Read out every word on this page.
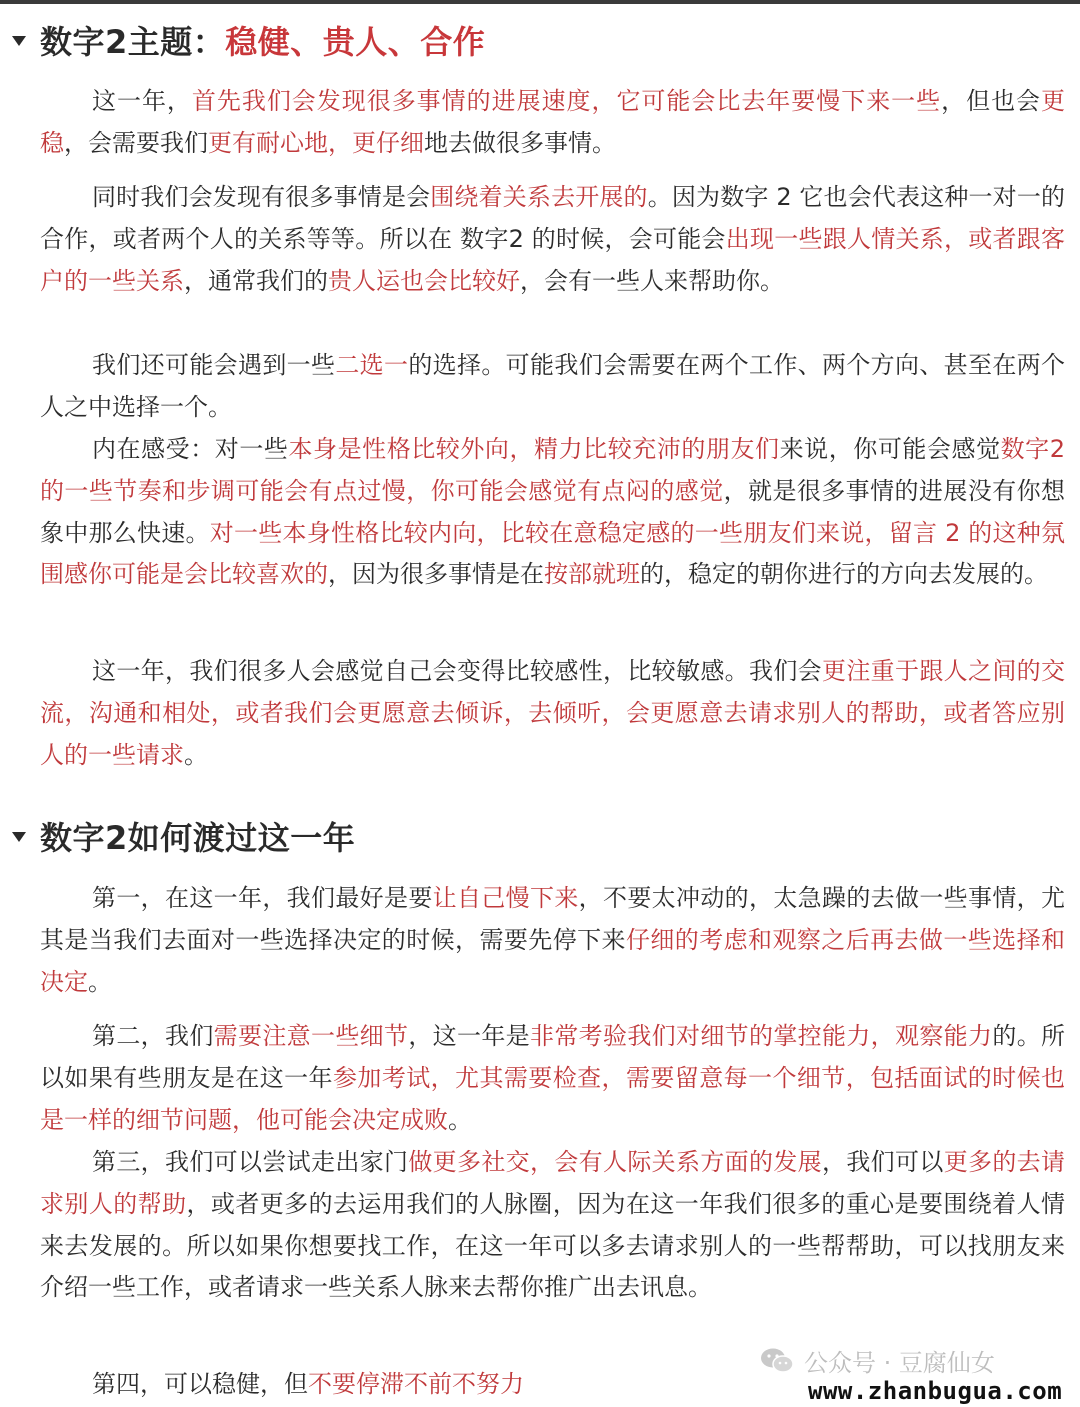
数字2主题：稳健、贵人、合作

这一年，首先我们会发现很多事情的进展速度，它可能会比去年要慢下来一些，但也会更稳，会需要我们更有耐心地，更仔细地去做很多事情。

同时我们会发现有很多事情是会围绕着关系去开展的。因为数字 2 它也会代表这种一对一的合作，或者两个人的关系等等。所以在 数字2 的时候，会可能会出现一些跟人情关系，或者跟客户的一些关系，通常我们的贵人运也会比较好，会有一些人来帮助你。

我们还可能会遇到一些二选一的选择。可能我们会需要在两个工作、两个方向、甚至在两个人之中选择一个。

内在感受：对一些本身是性格比较外向，精力比较充沛的朋友们来说，你可能会感觉数字2的一些节奏和步调可能会有点过慢，你可能会感觉有点闷的感觉，就是很多事情的进展没有你想象中那么快速。对一些本身性格比较内向，比较在意稳定感的一些朋友们来说，留言 2 的这种氛围感你可能是会比较喜欢的，因为很多事情是在按部就班的，稳定的朝你进行的方向去发展的。

这一年，我们很多人会感觉自己会变得比较感性，比较敏感。我们会更注重于跟人之间的交流，沟通和相处，或者我们会更愿意去倾诉，去倾听，会更愿意去请求别人的帮助，或者答应别人的一些请求。

数字2如何渡过这一年

第一，在这一年，我们最好是要让自己慢下来，不要太冲动的，太急躁的去做一些事情，尤其是当我们去面对一些选择决定的时候，需要先停下来仔细的考虑和观察之后再去做一些选择和决定。

第二，我们需要注意一些细节，这一年是非常考验我们对细节的掌控能力，观察能力的。所以如果有些朋友是在这一年参加考试，尤其需要检查，需要留意每一个细节，包括面试的时候也是一样的细节问题，他可能会决定成败。

第三，我们可以尝试走出家门做更多社交，会有人际关系方面的发展，我们可以更多的去请求别人的帮助，或者更多的去运用我们的人脉圈，因为在这一年我们很多的重心是要围绕着人情来去发展的。所以如果你想要找工作，在这一年可以多去请求别人的一些帮帮助，可以找朋友来介绍一些工作，或者请求一些关系人脉来去帮你推广出去讯息。

第四，可以稳健，但不要停滞不前不努力

公众号 · 豆腐仙女
www.zhanbugua.com
